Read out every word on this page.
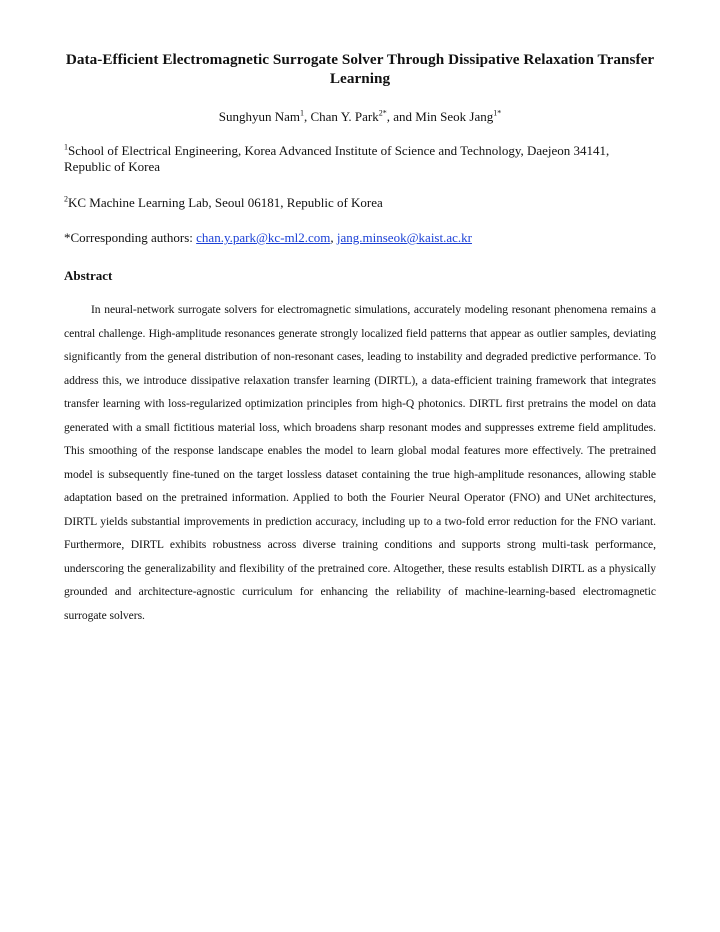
Data-Efficient Electromagnetic Surrogate Solver Through Dissipative Relaxation Transfer Learning

Sunghyun Nam$^1$, Chan Y. Park$^{2*}$, and Min Seok Jang$^{1*}$

$^1$School of Electrical Engineering, Korea Advanced Institute of Science and Technology, Daejeon 34141, Republic of Korea

$^2$KC Machine Learning Lab, Seoul 06181, Republic of Korea

*Corresponding authors: chan.y.park@kc-ml2.com, jang.minseok@kaist.ac.kr

Abstract

In neural-network surrogate solvers for electromagnetic simulations, accurately modeling resonant phenomena remains a central challenge. High-amplitude resonances generate strongly localized field patterns that appear as outlier samples, deviating significantly from the general distribution of non-resonant cases, leading to instability and degraded predictive performance. To address this, we introduce dissipative relaxation transfer learning (DIRTL), a data-efficient training framework that integrates transfer learning with loss-regularized optimization principles from high-Q photonics. DIRTL first pretrains the model on data generated with a small fictitious material loss, which broadens sharp resonant modes and suppresses extreme field amplitudes. This smoothing of the response landscape enables the model to learn global modal features more effectively. The pretrained model is subsequently fine-tuned on the target lossless dataset containing the true high-amplitude resonances, allowing stable adaptation based on the pretrained information. Applied to both the Fourier Neural Operator (FNO) and UNet architectures, DIRTL yields substantial improvements in prediction accuracy, including up to a two-fold error reduction for the FNO variant. Furthermore, DIRTL exhibits robustness across diverse training conditions and supports strong multi-task performance, underscoring the generalizability and flexibility of the pretrained core. Altogether, these results establish DIRTL as a physically grounded and architecture-agnostic curriculum for enhancing the reliability of machine-learning-based electromagnetic surrogate solvers.
